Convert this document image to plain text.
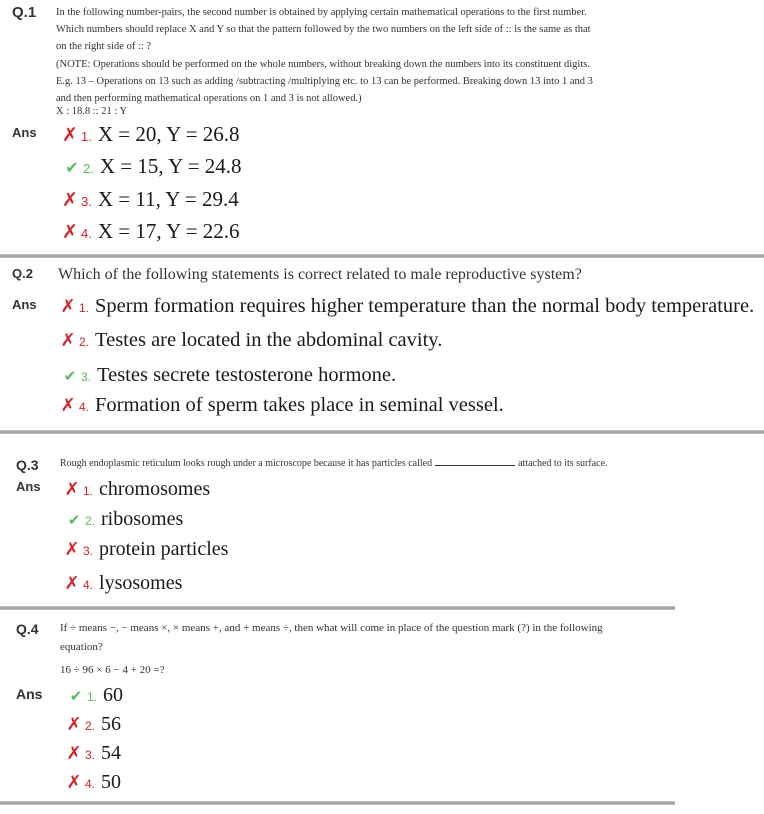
Q.1 In the following number-pairs, the second number is obtained by applying certain mathematical operations to the first number. Which numbers should replace X and Y so that the pattern followed by the two numbers on the left side of :: is the same as that on the right side of :: ?
(NOTE: Operations should be performed on the whole numbers, without breaking down the numbers into its constituent digits. E.g. 13 – Operations on 13 such as adding /subtracting /multiplying etc. to 13 can be performed. Breaking down 13 into 1 and 3 and then performing mathematical operations on 1 and 3 is not allowed.)
X : 18.8 :: 21 : Y
Ans ✗ 1. X = 20, Y = 26.8
✔ 2. X = 15, Y = 24.8
✗ 3. X = 11, Y = 29.4
✗ 4. X = 17, Y = 22.6
Q.2 Which of the following statements is correct related to male reproductive system?
Ans ✗ 1. Sperm formation requires higher temperature than the normal body temperature.
✗ 2. Testes are located in the abdominal cavity.
✔ 3. Testes secrete testosterone hormone.
✗ 4. Formation of sperm takes place in seminal vessel.
Q.3 Rough endoplasmic reticulum looks rough under a microscope because it has particles called	attached to its surface.
Ans ✗ 1. chromosomes
✔ 2. ribosomes
✗ 3. protein particles
✗ 4. lysosomes
Q.4 If ÷ means −, − means ×, × means +, and + means ÷, then what will come in place of the question mark (?) in the following equation?
16 ÷ 96 × 6 − 4 + 20 =?
Ans ✔ 1. 60
✗ 2. 56
✗ 3. 54
✗ 4. 50
